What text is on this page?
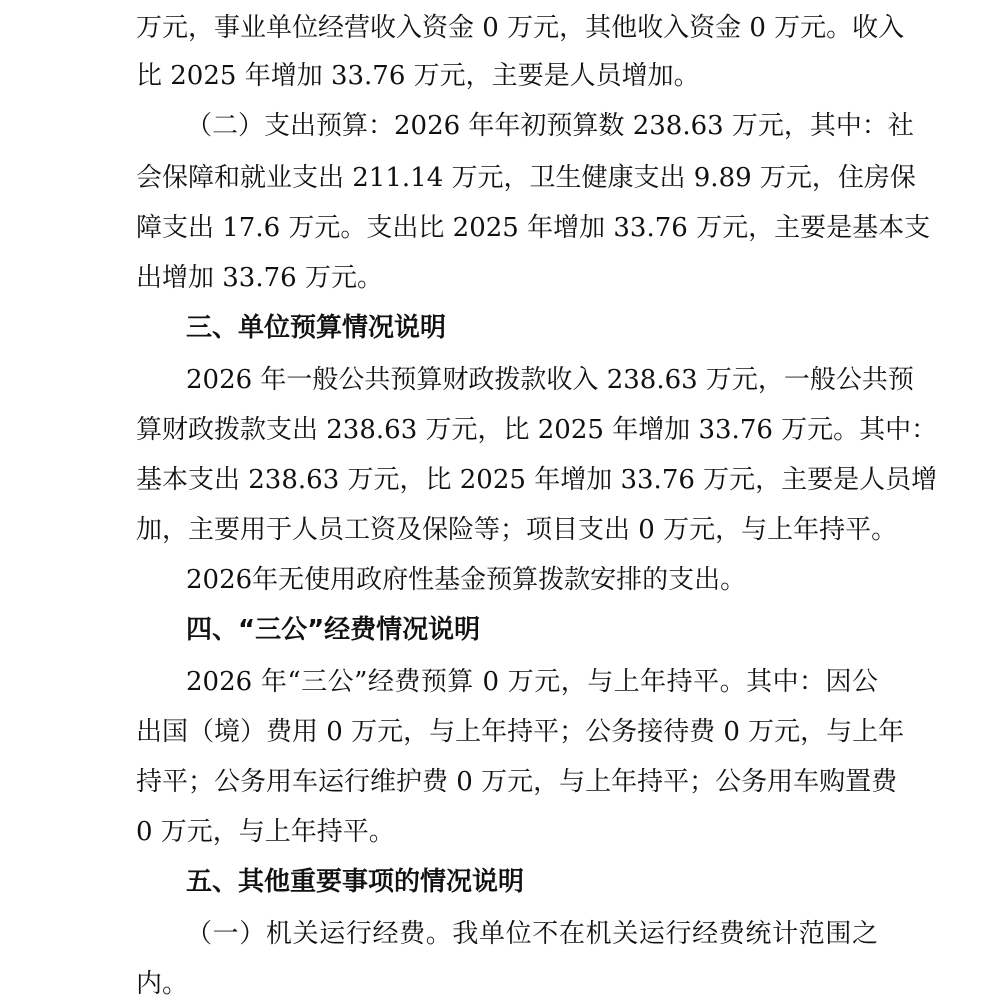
万元，事业单位经营收入资金 0 万元，其他收入资金 0 万元。收入
比 2025 年增加 33.76 万元，主要是人员增加。
（二）支出预算：2026 年年初预算数 238.63 万元，其中：社
会保障和就业支出 211.14 万元，卫生健康支出 9.89 万元，住房保
障支出 17.6 万元。支出比 2025 年增加 33.76 万元，主要是基本支
出增加 33.76 万元。
三、单位预算情况说明
2026 年一般公共预算财政拨款收入 238.63 万元，一般公共预
算财政拨款支出 238.63 万元，比 2025 年增加 33.76 万元。其中：
基本支出 238.63 万元，比 2025 年增加 33.76 万元，主要是人员增
加，主要用于人员工资及保险等；项目支出 0 万元，与上年持平。
2026年无使用政府性基金预算拨款安排的支出。
四、“三公”经费情况说明
2026 年“三公”经费预算 0 万元，与上年持平。其中：因公
出国（境）费用 0 万元，与上年持平；公务接待费 0 万元，与上年
持平；公务用车运行维护费 0 万元，与上年持平；公务用车购置费
0 万元，与上年持平。
五、其他重要事项的情况说明
（一）机关运行经费。我单位不在机关运行经费统计范围之
内。
